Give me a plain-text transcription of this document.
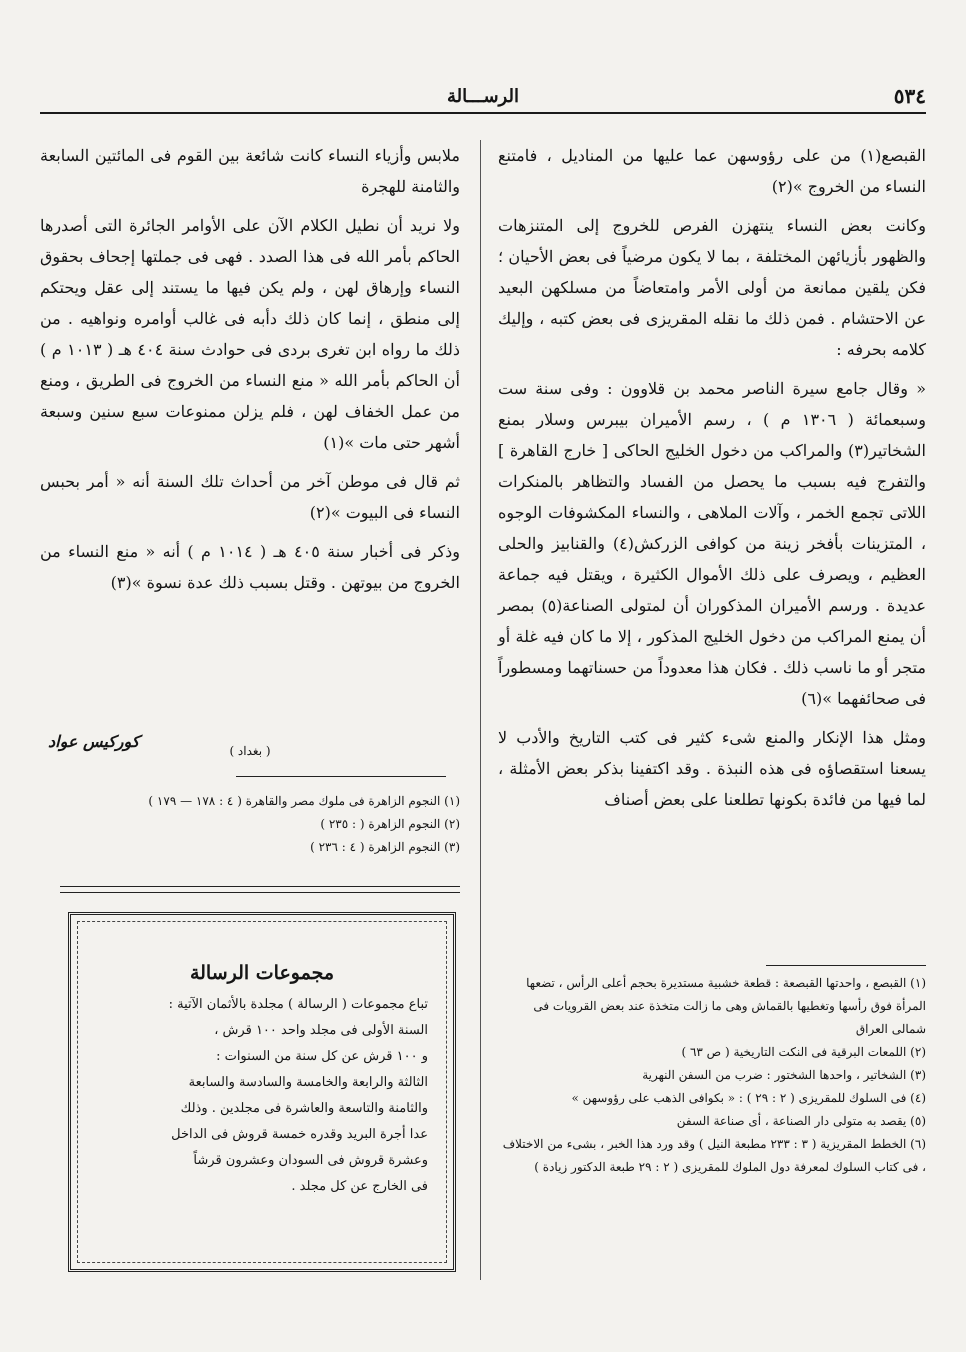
٥٣٤
الرســـالة

القبصع(١) من على رؤوسهن عما عليها من المناديل ، فامتنع النساء من الخروج »(٢)

وكانت بعض النساء ينتهزن الفرص للخروج إلى المتنزهات والظهور بأزيائهن المختلفة ، بما لا يكون مرضياً فى بعض الأحيان ؛ فكن يلقين ممانعة من أولى الأمر وامتعاضاً من مسلكهن البعيد عن الاحتشام . فمن ذلك ما نقله المقريزى فى بعض كتبه ، وإليك كلامه بحرفه :

« وقال جامع سيرة الناصر محمد بن قلاوون : وفى سنة ست وسبعمائة ( ١٣٠٦ م ) ، رسم الأميران بيبرس وسلار بمنع الشخاتير(٣) والمراكب من دخول الخليج الحاكى [ خارج القاهرة ] والتفرج فيه بسبب ما يحصل من الفساد والتظاهر بالمنكرات اللاتى تجمع الخمر ، وآلات الملاهى ، والنساء المكشوفات الوجوه ، المتزينات بأفخر زينة من كوافى الزركش(٤) والقنابيز والحلى العظيم ، ويصرف على ذلك الأموال الكثيرة ، ويقتل فيه جماعة عديدة . ورسم الأميران المذكوران أن لمتولى الصناعة(٥) بمصر أن يمنع المراكب من دخول الخليج المذكور ، إلا ما كان فيه غلة أو متجر أو ما ناسب ذلك . فكان هذا معدوداً من حسناتهما ومسطوراً فى صحائفهما »(٦)

ومثل هذا الإنكار والمنع شىء كثير فى كتب التاريخ والأدب لا يسعنا استقصاؤه فى هذه النبذة . وقد اكتفينا بذكر بعض الأمثلة ، لما فيها من فائدة بكونها تطلعنا على بعض أصناف

(١) القبصع ، واحدتها القبصعة : قطعة خشبية مستديرة بحجم أعلى الرأس ، تضعها المرأة فوق رأسها وتغطيها بالقماش وهى ما زالت متخذة عند بعض القرويات فى شمالى العراق

(٢) اللمعات البرقية فى النكت التاريخية ( ص ٦٣ )

(٣) الشخاتير ، واحدها الشختور : ضرب من السفن النهرية

(٤) فى السلوك للمقريزى ( ٢ : ٢٩ ) : « بكوافى الذهب على رؤوسهن »

(٥) يقصد به متولى دار الصناعة ، أى صناعة السفن

(٦) الخطط المقريزية ( ٣ : ٢٣٣ مطبعة النيل ) وقد ورد هذا الخبر ، بشىء من الاختلاف ، فى كتاب السلوك لمعرفة دول الملوك للمقريزى ( ٢ : ٢٩ طبعة الدكتور زيادة )

ملابس وأزياء النساء كانت شائعة بين القوم فى المائتين السابعة والثامنة للهجرة

ولا نريد أن نطيل الكلام الآن على الأوامر الجائرة التى أصدرها الحاكم بأمر الله فى هذا الصدد . فهى فى جملتها إجحاف بحقوق النساء وإرهاق لهن ، ولم يكن فيها ما يستند إلى عقل ويحتكم إلى منطق ، إنما كان ذلك دأبه فى غالب أوامره ونواهيه . من ذلك ما رواه ابن تغرى بردى فى حوادث سنة ٤٠٤ هـ ( ١٠١٣ م ) أن الحاكم بأمر الله « منع النساء من الخروج فى الطريق ، ومنع من عمل الخفاف لهن ، فلم يزلن ممنوعات سبع سنين وسبعة أشهر حتى مات »(١)

ثم قال فى موطن آخر من أحداث تلك السنة أنه « أمر بحبس النساء فى البيوت »(٢)

وذكر فى أخبار سنة ٤٠٥ هـ ( ١٠١٤ م ) أنه « منع النساء من الخروج من بيوتهن . وقتل بسبب ذلك عدة نسوة »(٣)

كوركيس عواد	( بغداد )

(١) النجوم الزاهرة فى ملوك مصر والقاهرة ( ٤ : ١٧٨ — ١٧٩ )

(٢) النجوم الزاهرة ( : ٢٣٥ )

(٣) النجوم الزاهرة ( ٤ : ٢٣٦ )

مجموعات الرسالة

تباع مجموعات ( الرسالة ) مجلدة بالأثمان الآتية :

السنة الأولى فى مجلد واحد ١٠٠ قرش ،

و ١٠٠ قرش عن كل سنة من السنوات :

الثالثة والرابعة والخامسة والسادسة والسابعة

والثامنة والتاسعة والعاشرة فى مجلدين . وذلك

عدا أجرة البريد وقدره خمسة قروش فى الداخل

وعشرة قروش فى السودان وعشرون قرشاً

فى الخارج عن كل مجلد .
